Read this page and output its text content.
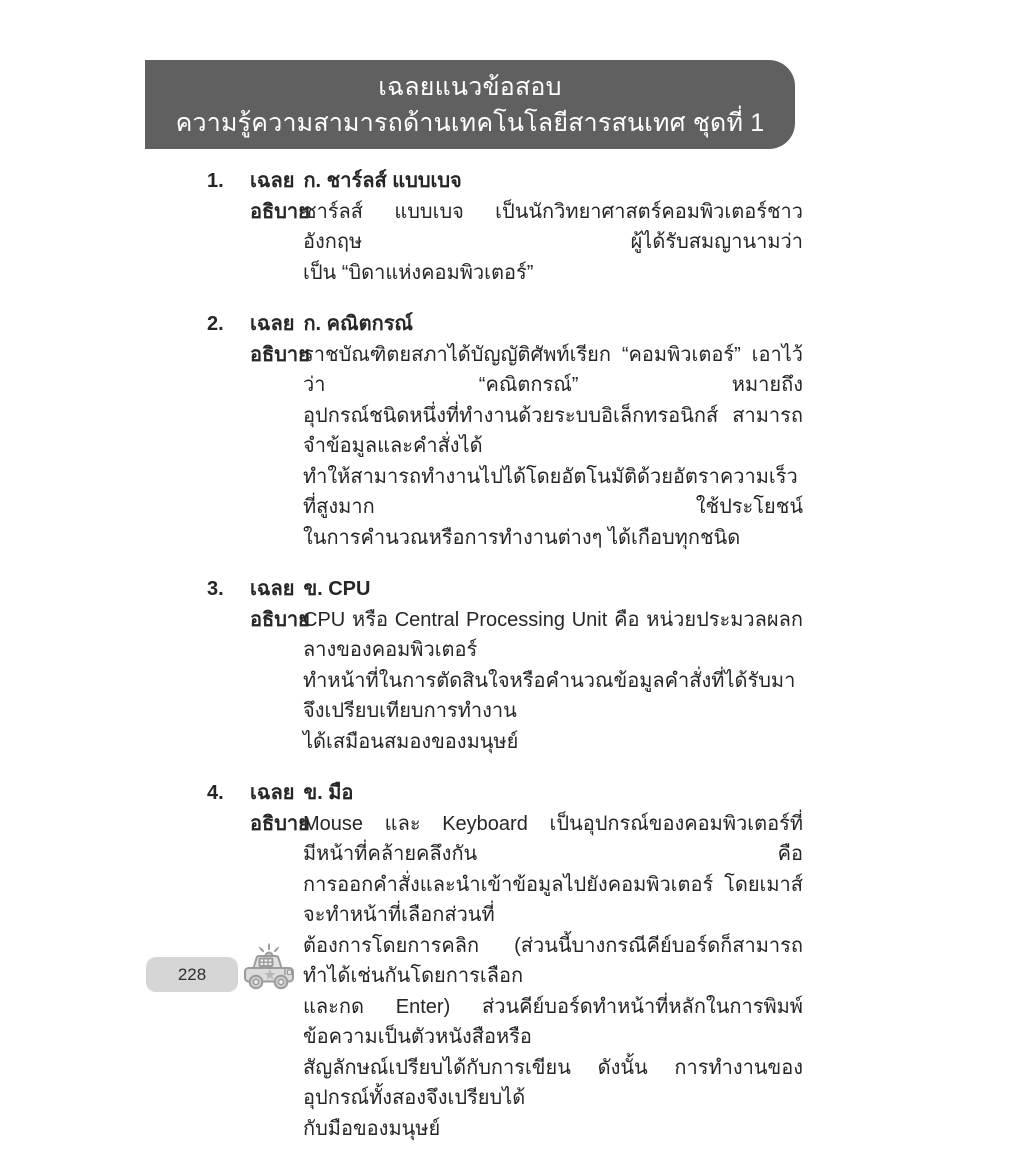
เฉลยแนวข้อสอบ
ความรู้ความสามารถด้านเทคโนโลยีสารสนเทศ ชุดที่ 1
1.	เฉลย ก. ชาร์ลส์ แบบเบจ
อธิบาย
ชาร์ลส์ แบบเบจ เป็นนักวิทยาศาสตร์คอมพิวเตอร์ชาวอังกฤษ ผู้ได้รับสมญานามว่า
เป็น “บิดาแห่งคอมพิวเตอร์”
2.	เฉลย ก. คณิตกรณ์
อธิบาย
ราชบัณฑิตยสภาได้บัญญัติศัพท์เรียก “คอมพิวเตอร์” เอาไว้ว่า “คณิตกรณ์” หมายถึง
อุปกรณ์ชนิดหนึ่งที่ทำงานด้วยระบบอิเล็กทรอนิกส์ สามารถจำข้อมูลและคำสั่งได้
ทำให้สามารถทำงานไปได้โดยอัตโนมัติด้วยอัตราความเร็วที่สูงมาก ใช้ประโยชน์
ในการคำนวณหรือการทำงานต่างๆ ได้เกือบทุกชนิด
3.	เฉลย ข. CPU
อธิบาย
CPU หรือ Central Processing Unit คือ หน่วยประมวลผลกลางของคอมพิวเตอร์
ทำหน้าที่ในการตัดสินใจหรือคำนวณข้อมูลคำสั่งที่ได้รับมา จึงเปรียบเทียบการทำงาน
ได้เสมือนสมองของมนุษย์
4.	เฉลย ข. มือ
อธิบาย
Mouse และ Keyboard เป็นอุปกรณ์ของคอมพิวเตอร์ที่มีหน้าที่คล้ายคลึงกัน คือ
การออกคำสั่งและนำเข้าข้อมูลไปยังคอมพิวเตอร์ โดยเมาส์จะทำหน้าที่เลือกส่วนที่
ต้องการโดยการคลิก (ส่วนนี้บางกรณีคีย์บอร์ดก็สามารถทำได้เช่นกันโดยการเลือก
และกด Enter) ส่วนคีย์บอร์ดทำหน้าที่หลักในการพิมพ์ข้อความเป็นตัวหนังสือหรือ
สัญลักษณ์เปรียบได้กับการเขียน ดังนั้น การทำงานของอุปกรณ์ทั้งสองจึงเปรียบได้
กับมือของมนุษย์
228
